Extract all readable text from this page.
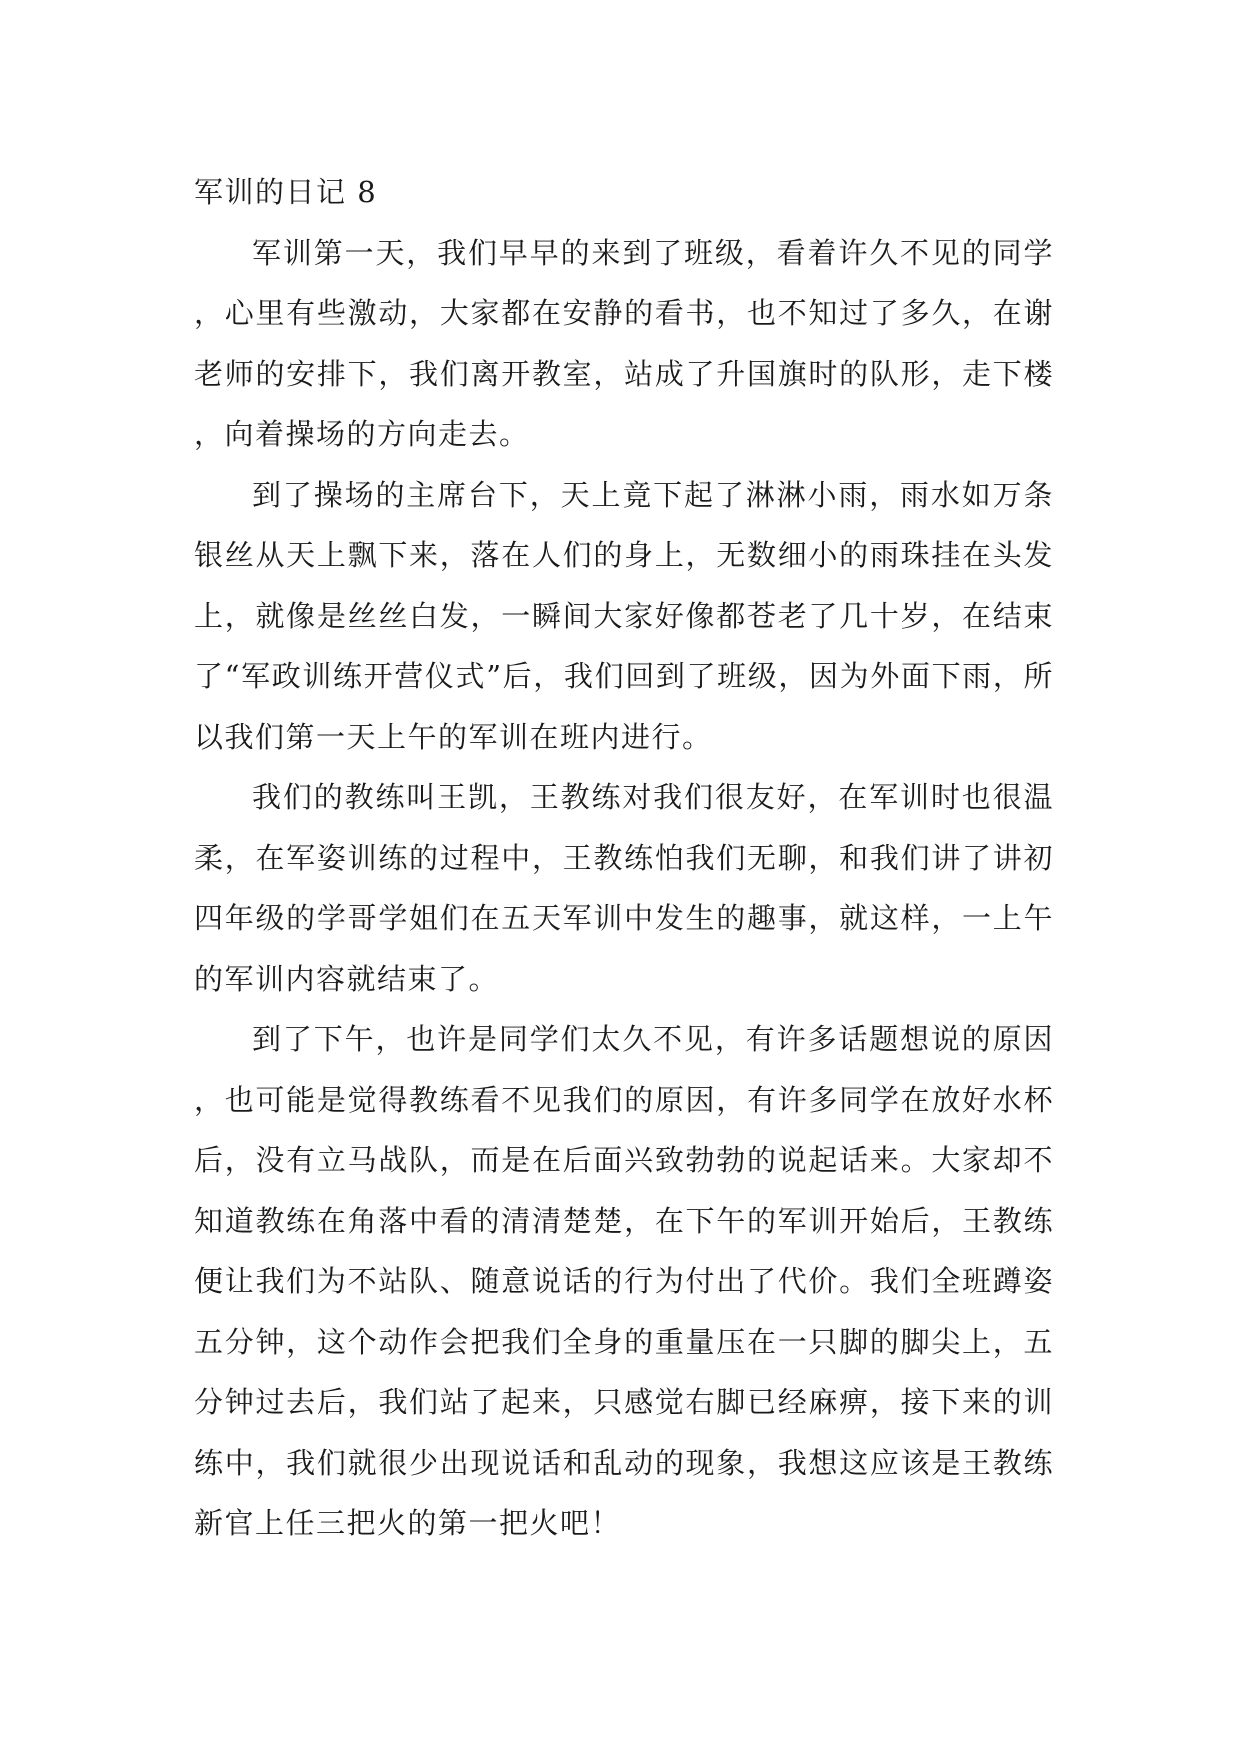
军训的日记 8

军训第一天，我们早早的来到了班级，看着许久不见的同学，心里有些激动，大家都在安静的看书，也不知过了多久，在谢老师的安排下，我们离开教室，站成了升国旗时的队形，走下楼，向着操场的方向走去。

到了操场的主席台下，天上竟下起了淋淋小雨，雨水如万条银丝从天上飘下来，落在人们的身上，无数细小的雨珠挂在头发上，就像是丝丝白发，一瞬间大家好像都苍老了几十岁，在结束了“军政训练开营仪式”后，我们回到了班级，因为外面下雨，所以我们第一天上午的军训在班内进行。

我们的教练叫王凯，王教练对我们很友好，在军训时也很温柔，在军姿训练的过程中，王教练怕我们无聊，和我们讲了讲初四年级的学哥学姐们在五天军训中发生的趣事，就这样，一上午的军训内容就结束了。

到了下午，也许是同学们太久不见，有许多话题想说的原因，也可能是觉得教练看不见我们的原因，有许多同学在放好水杯后，没有立马战队，而是在后面兴致勃勃的说起话来。大家却不知道教练在角落中看的清清楚楚，在下午的军训开始后，王教练便让我们为不站队、随意说话的行为付出了代价。我们全班蹲姿五分钟，这个动作会把我们全身的重量压在一只脚的脚尖上，五分钟过去后，我们站了起来，只感觉右脚已经麻痹，接下来的训练中，我们就很少出现说话和乱动的现象，我想这应该是王教练新官上任三把火的第一把火吧！
